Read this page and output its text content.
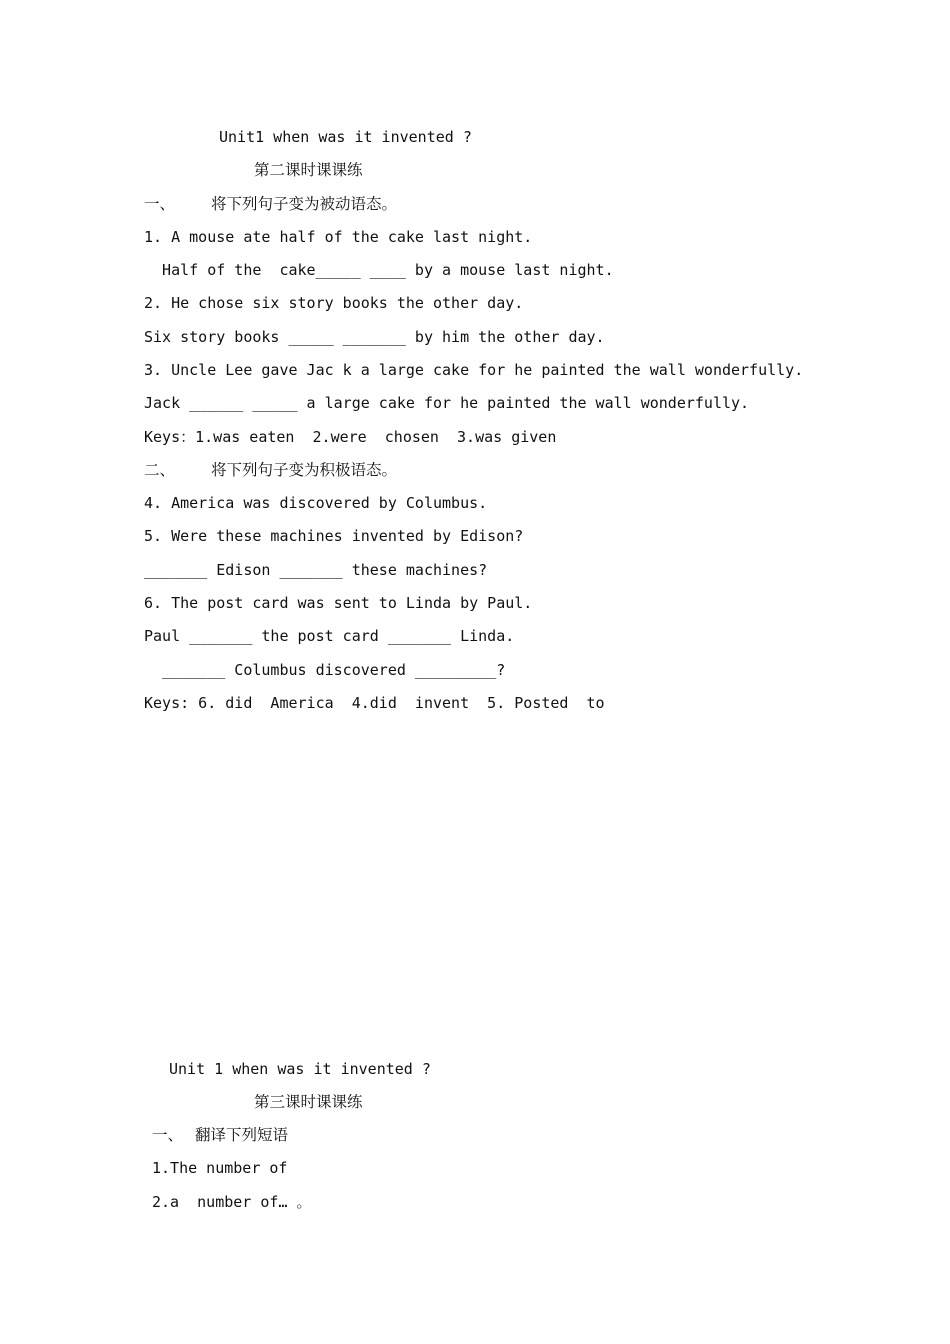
Unit1 when was it invented ?
第二课时课课练
一、 将下列句子变为被动语态。
1. A mouse ate half of the cake last night.
Half of the  cake_____ ____ by a mouse last night.
2. He chose six story books the other day.
Six story books _____ _______ by him the other day.
3. Uncle Lee gave Jac k a large cake for he painted the wall wonderfully.
Jack ______ _____ a large cake for he painted the wall wonderfully.
Keys：1.was eaten  2.were  chosen  3.was given
二、 将下列句子变为积极语态。
4. America was discovered by Columbus.
5. Were these machines invented by Edison?
_______ Edison _______ these machines?
6. The post card was sent to Linda by Paul.
Paul _______ the post card _______ Linda.
_______ Columbus discovered _________?
Keys: 6. did  America  4.did  invent  5. Posted  to
Unit 1 when was it invented ?
第三课时课课练
一、 翻译下列短语
1.The number of
2.a  number of… 。
